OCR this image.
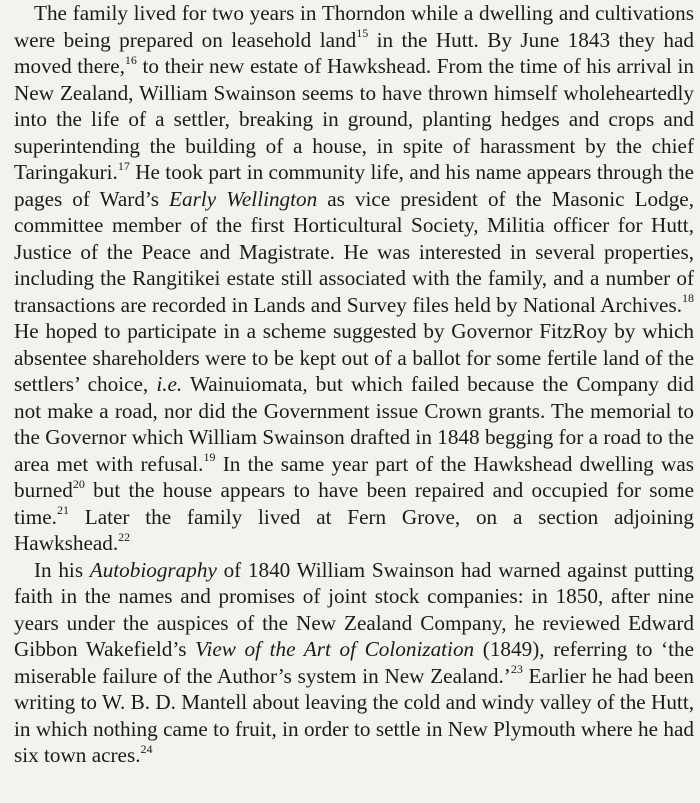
The family lived for two years in Thorndon while a dwelling and cultivations were being prepared on leasehold land$^{15}$ in the Hutt. By June 1843 they had moved there,$^{16}$ to their new estate of Hawkshead. From the time of his arrival in New Zealand, William Swainson seems to have thrown himself wholeheartedly into the life of a settler, breaking in ground, planting hedges and crops and superintending the building of a house, in spite of harassment by the chief Taringakuri.$^{17}$ He took part in community life, and his name appears through the pages of Ward’s Early Wellington as vice president of the Masonic Lodge, committee member of the first Horticultural Society, Militia officer for Hutt, Justice of the Peace and Magistrate. He was interested in several properties, including the Rangitikei estate still associated with the family, and a number of transactions are recorded in Lands and Survey files held by National Archives.$^{18}$ He hoped to participate in a scheme suggested by Governor FitzRoy by which absentee shareholders were to be kept out of a ballot for some fertile land of the settlers’ choice, i.e. Wainuiomata, but which failed because the Company did not make a road, nor did the Government issue Crown grants. The memorial to the Governor which William Swainson drafted in 1848 begging for a road to the area met with refusal.$^{19}$ In the same year part of the Hawkshead dwelling was burned$^{20}$ but the house appears to have been repaired and occupied for some time.$^{21}$ Later the family lived at Fern Grove, on a section adjoining Hawkshead.$^{22}$

In his Autobiography of 1840 William Swainson had warned against putting faith in the names and promises of joint stock companies: in 1850, after nine years under the auspices of the New Zealand Company, he reviewed Edward Gibbon Wakefield’s View of the Art of Colonization (1849), referring to ‘the miserable failure of the Author’s system in New Zealand.’$^{23}$ Earlier he had been writing to W. B. D. Mantell about leaving the cold and windy valley of the Hutt, in which nothing came to fruit, in order to settle in New Plymouth where he had six town acres.$^{24}$
